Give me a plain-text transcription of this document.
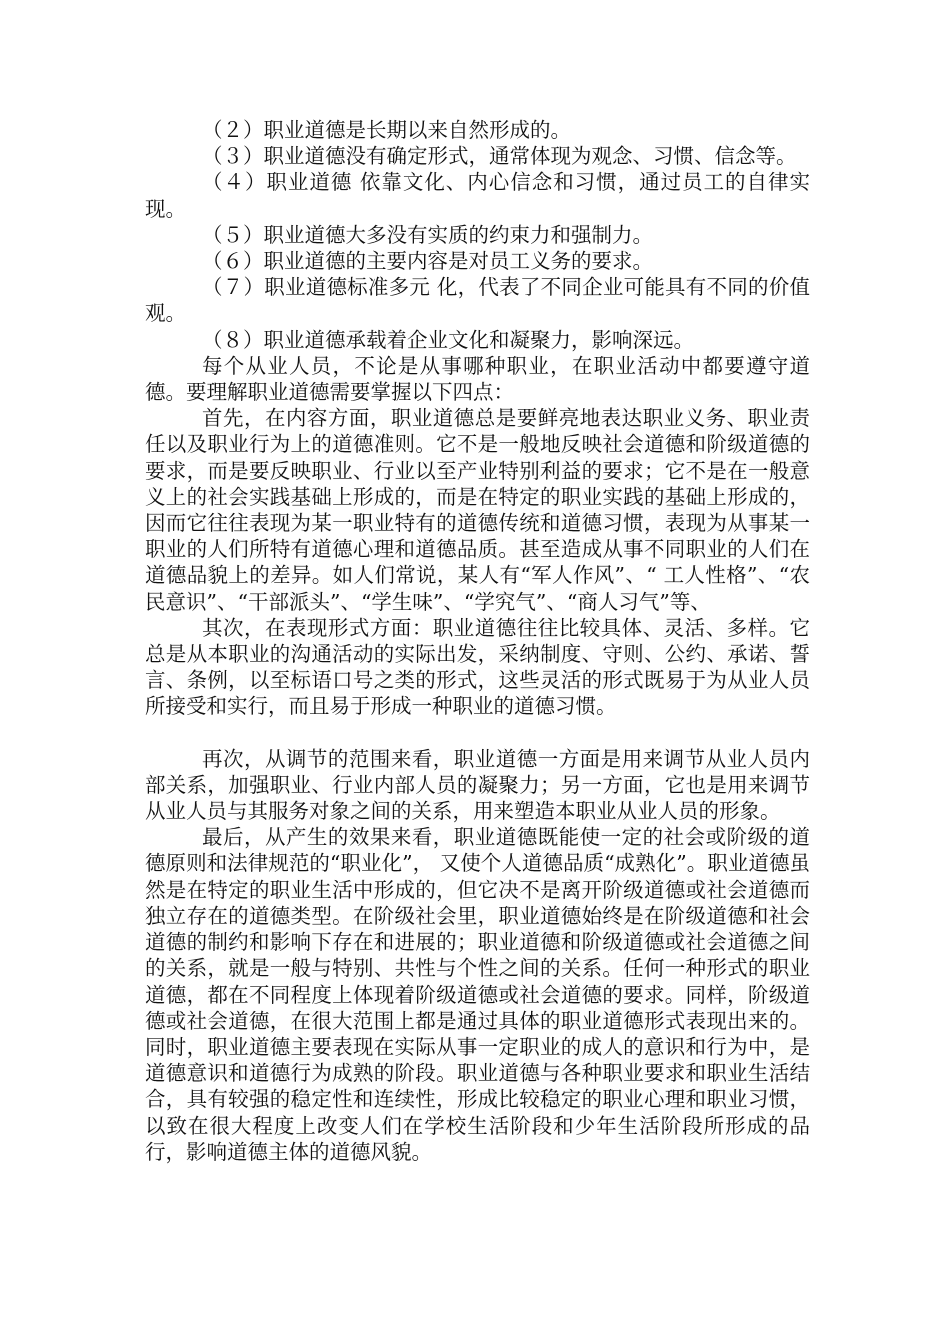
（２）职业道德是长期以来自然形成的。

（３）职业道德没有确定形式，通常体现为观念、习惯、信念等。

（４）职业道德 依靠文化、内心信念和习惯，通过员工的自律实现。

（５）职业道德大多没有实质的约束力和强制力。

（６）职业道德的主要内容是对员工义务的要求。

（７）职业道德标准多元 化，代表了不同企业可能具有不同的价值观。

（８）职业道德承载着企业文化和凝聚力，影响深远。

每个从业人员，不论是从事哪种职业，在职业活动中都要遵守道德。要理解职业道德需要掌握以下四点：

首先，在内容方面，职业道德总是要鲜亮地表达职业义务、职业责任以及职业行为上的道德准则。它不是一般地反映社会道德和阶级道德的要求，而是要反映职业、行业以至产业特别利益的要求；它不是在一般意义上的社会实践基础上形成的，而是在特定的职业实践的基础上形成的，因而它往往表现为某一职业特有的道德传统和道德习惯，表现为从事某一职业的人们所特有道德心理和道德品质。甚至造成从事不同职业的人们在道德品貌上的差异。如人们常说，某人有“军人作风”、“ 工人性格”、“农民意识”、“干部派头”、“学生味”、“学究气”、“商人习气”等、

其次，在表现形式方面：职业道德往往比较具体、灵活、多样。它总是从本职业的沟通活动的实际出发，采纳制度、守则、公约、承诺、誓言、条例，以至标语口号之类的形式，这些灵活的形式既易于为从业人员所接受和实行，而且易于形成一种职业的道德习惯。

再次，从调节的范围来看，职业道德一方面是用来调节从业人员内部关系，加强职业、行业内部人员的凝聚力；另一方面，它也是用来调节从业人员与其服务对象之间的关系，用来塑造本职业从业人员的形象。

最后，从产生的效果来看，职业道德既能使一定的社会或阶级的道德原则和法律规范的“职业化”， 又使个人道德品质“成熟化”。职业道德虽然是在特定的职业生活中形成的，但它决不是离开阶级道德或社会道德而独立存在的道德类型。在阶级社会里，职业道德始终是在阶级道德和社会道德的制约和影响下存在和进展的；职业道德和阶级道德或社会道德之间的关系，就是一般与特别、共性与个性之间的关系。任何一种形式的职业道德，都在不同程度上体现着阶级道德或社会道德的要求。同样，阶级道德或社会道德，在很大范围上都是通过具体的职业道德形式表现出来的。同时，职业道德主要表现在实际从事一定职业的成人的意识和行为中，是道德意识和道德行为成熟的阶段。职业道德与各种职业要求和职业生活结合，具有较强的稳定性和连续性，形成比较稳定的职业心理和职业习惯，以致在很大程度上改变人们在学校生活阶段和少年生活阶段所形成的品行，影响道德主体的道德风貌。
